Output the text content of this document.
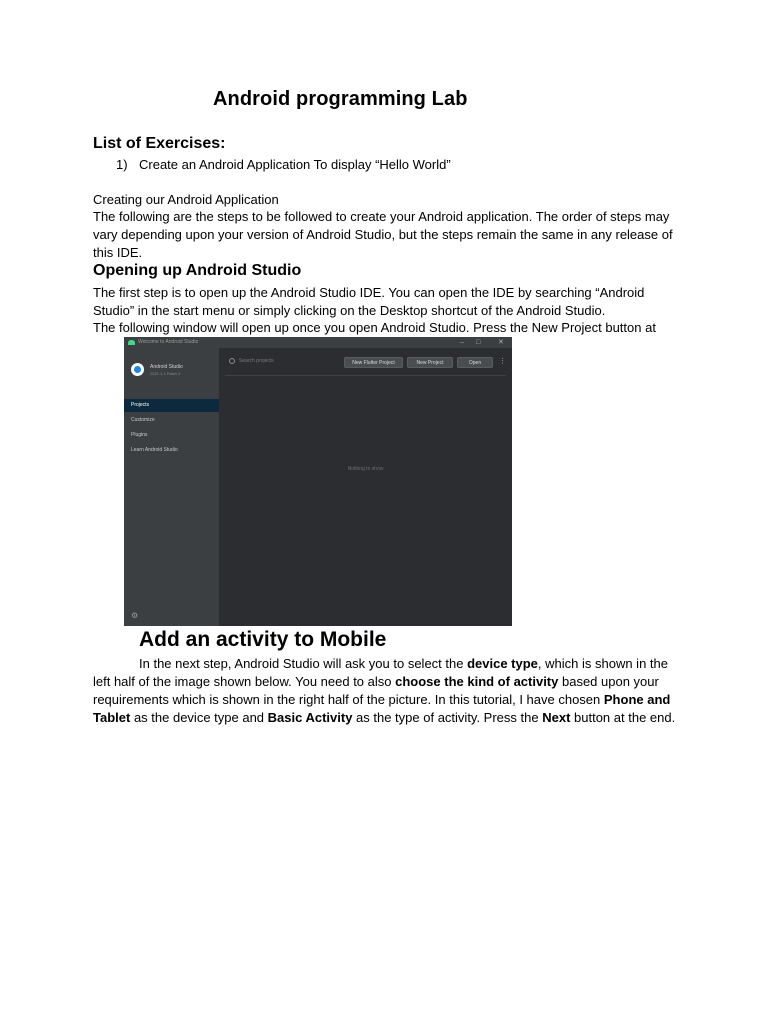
Android programming Lab
List of Exercises:
1) Create an Android Application To display “Hello World”
Creating our Android Application
The following are the steps to be followed to create your Android application. The order of steps may vary depending upon your version of Android Studio, but the steps remain the same in any release of this IDE.
Opening up Android Studio
The first step is to open up the Android Studio IDE. You can open the IDE by searching “Android Studio” in the start menu or simply clicking on the Desktop shortcut of the Android Studio.
The following window will open up once you open Android Studio. Press the New Project button at
Welcome to Android Studio	– □	✕
Android Studio
2021.1.1 Patch 3
Projects
Customize
Plugins
Learn Android Studio
⚙
Search projects	New Flutter Project	New Project	Open	⋮
Nothing to show
Add an activity to Mobile
In the next step, Android Studio will ask you to select the device type, which is shown in the left half of the image shown below. You need to also choose the kind of activity based upon your requirements which is shown in the right half of the picture. In this tutorial, I have chosen Phone and Tablet as the device type and Basic Activity as the type of activity. Press the Next button at the end.
